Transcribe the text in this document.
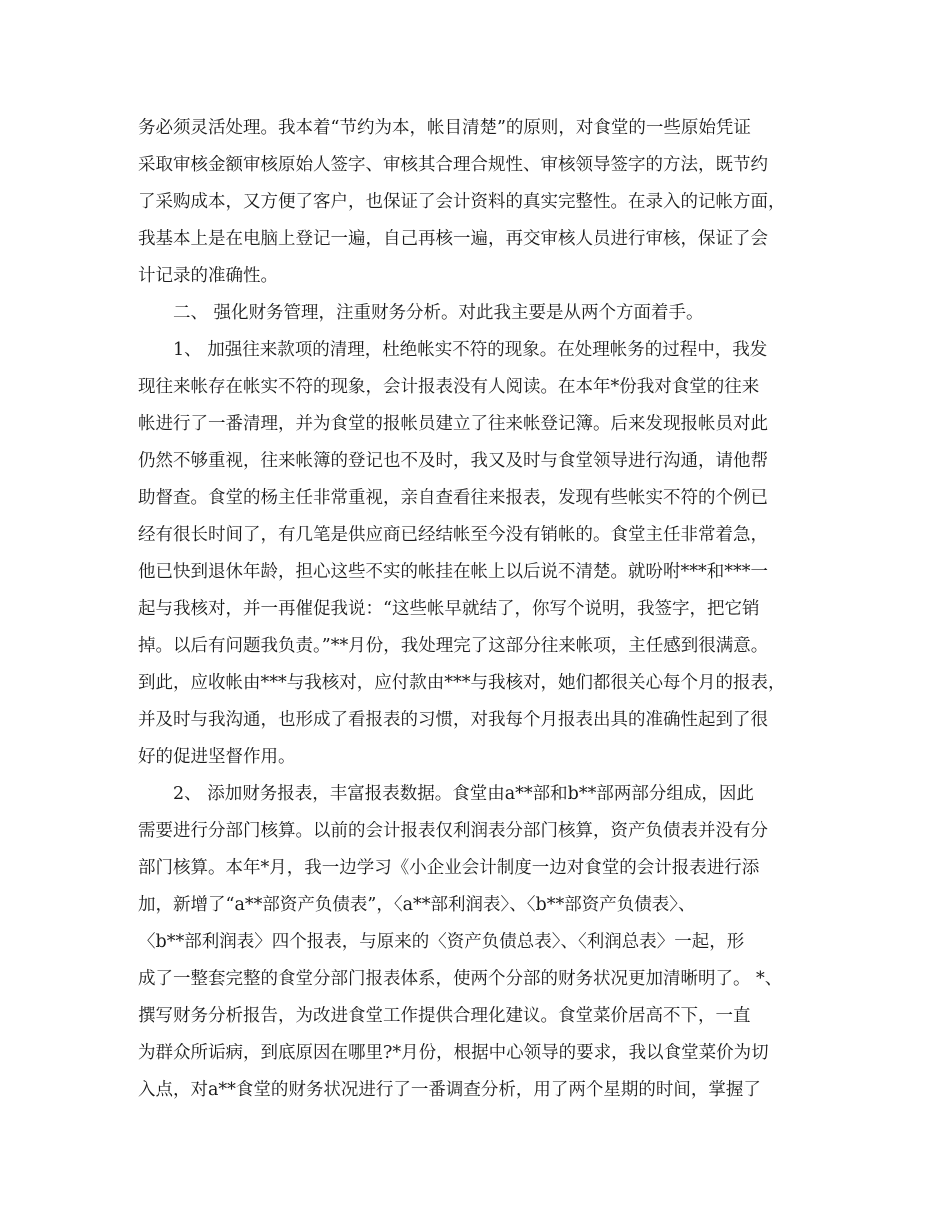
务必须灵活处理。我本着“节约为本，帐目清楚”的原则，对食堂的一些原始凭证
采取审核金额审核原始人签字、审核其合理合规性、审核领导签字的方法，既节约
了采购成本，又方便了客户，也保证了会计资料的真实完整性。在录入的记帐方面，
我基本上是在电脑上登记一遍，自己再核一遍，再交审核人员进行审核，保证了会
计记录的准确性。
　　二、 强化财务管理，注重财务分析。对此我主要是从两个方面着手。
　　1、 加强往来款项的清理，杜绝帐实不符的现象。在处理帐务的过程中，我发
现往来帐存在帐实不符的现象，会计报表没有人阅读。在本年*份我对食堂的往来
帐进行了一番清理，并为食堂的报帐员建立了往来帐登记簿。后来发现报帐员对此
仍然不够重视，往来帐簿的登记也不及时，我又及时与食堂领导进行沟通，请他帮
助督查。食堂的杨主任非常重视，亲自查看往来报表，发现有些帐实不符的个例已
经有很长时间了，有几笔是供应商已经结帐至今没有销帐的。食堂主任非常着急，
他已快到退休年龄，担心这些不实的帐挂在帐上以后说不清楚。就吩咐***和***一
起与我核对，并一再催促我说：“这些帐早就结了，你写个说明，我签字，把它销
掉。以后有问题我负责。”**月份，我处理完了这部分往来帐项，主任感到很满意。
到此，应收帐由***与我核对，应付款由***与我核对，她们都很关心每个月的报表，
并及时与我沟通，也形成了看报表的习惯，对我每个月报表出具的准确性起到了很
好的促进坚督作用。
　　2、 添加财务报表，丰富报表数据。食堂由a**部和b**部两部分组成，因此
需要进行分部门核算。以前的会计报表仅利润表分部门核算，资产负债表并没有分
部门核算。本年*月，我一边学习《小企业会计制度一边对食堂的会计报表进行添
加，新增了“a**部资产负债表”，〈a**部利润表〉、〈b**部资产负债表〉、
〈b**部利润表〉四个报表，与原来的〈资产负债总表〉、〈利润总表〉一起，形
成了一整套完整的食堂分部门报表体系，使两个分部的财务状况更加清晰明了。 *、
撰写财务分析报告，为改进食堂工作提供合理化建议。食堂菜价居高不下，一直
为群众所诟病，到底原因在哪里?*月份，根据中心领导的要求，我以食堂菜价为切
入点，对a**食堂的财务状况进行了一番调查分析，用了两个星期的时间，掌握了
